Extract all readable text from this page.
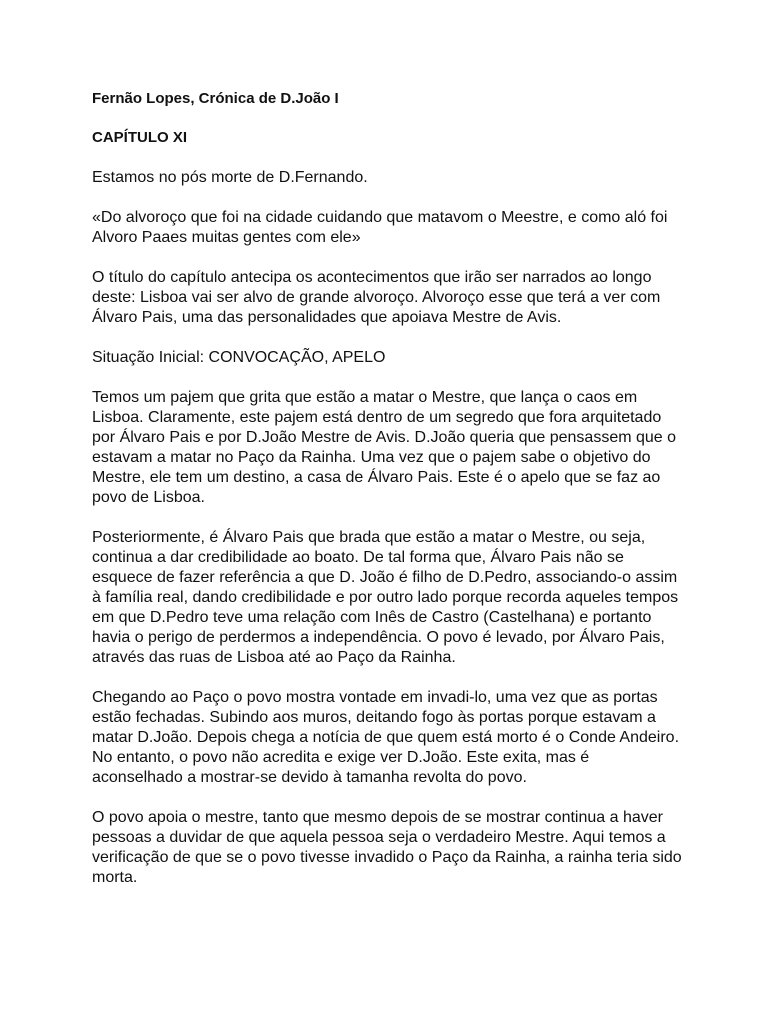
Fernão Lopes, Crónica de D.João I

CAPÍTULO XI

Estamos no pós morte de D.Fernando.

«Do alvoroço que foi na cidade cuidando que matavom o Meestre, e como aló foi Alvoro Paaes muitas gentes com ele»

O título do capítulo antecipa os acontecimentos que irão ser narrados ao longo deste: Lisboa vai ser alvo de grande alvoroço. Alvoroço esse que terá a ver com Álvaro Pais, uma das personalidades que apoiava Mestre de Avis.

Situação Inicial: CONVOCAÇÃO, APELO

Temos um pajem que grita que estão a matar o Mestre, que lança o caos em Lisboa. Claramente, este pajem está dentro de um segredo que fora arquitetado por Álvaro Pais e por D.João Mestre de Avis. D.João queria que pensassem que o estavam a matar no Paço da Rainha. Uma vez que o pajem sabe o objetivo do Mestre, ele tem um destino, a casa de Álvaro Pais. Este é o apelo que se faz ao povo de Lisboa.

Posteriormente, é Álvaro Pais que brada que estão a matar o Mestre, ou seja, continua a dar credibilidade ao boato. De tal forma que, Álvaro Pais não se esquece de fazer referência a que D. João é filho de D.Pedro, associando-o assim à família real, dando credibilidade e por outro lado porque recorda aqueles tempos em que D.Pedro teve uma relação com Inês de Castro (Castelhana) e portanto havia o perigo de perdermos a independência. O povo é levado, por Álvaro Pais, através das ruas de Lisboa até ao Paço da Rainha.

Chegando ao Paço o povo mostra vontade em invadi-lo, uma vez que as portas estão fechadas. Subindo aos muros, deitando fogo às portas porque estavam a matar D.João. Depois chega a notícia de que quem está morto é o Conde Andeiro. No entanto, o povo não acredita e exige ver D.João. Este exita, mas é aconselhado a mostrar-se devido à tamanha revolta do povo.

O povo apoia o mestre, tanto que mesmo depois de se mostrar continua a haver pessoas a duvidar de que aquela pessoa seja o verdadeiro Mestre. Aqui temos a verificação de que se o povo tivesse invadido o Paço da Rainha, a rainha teria sido morta.
